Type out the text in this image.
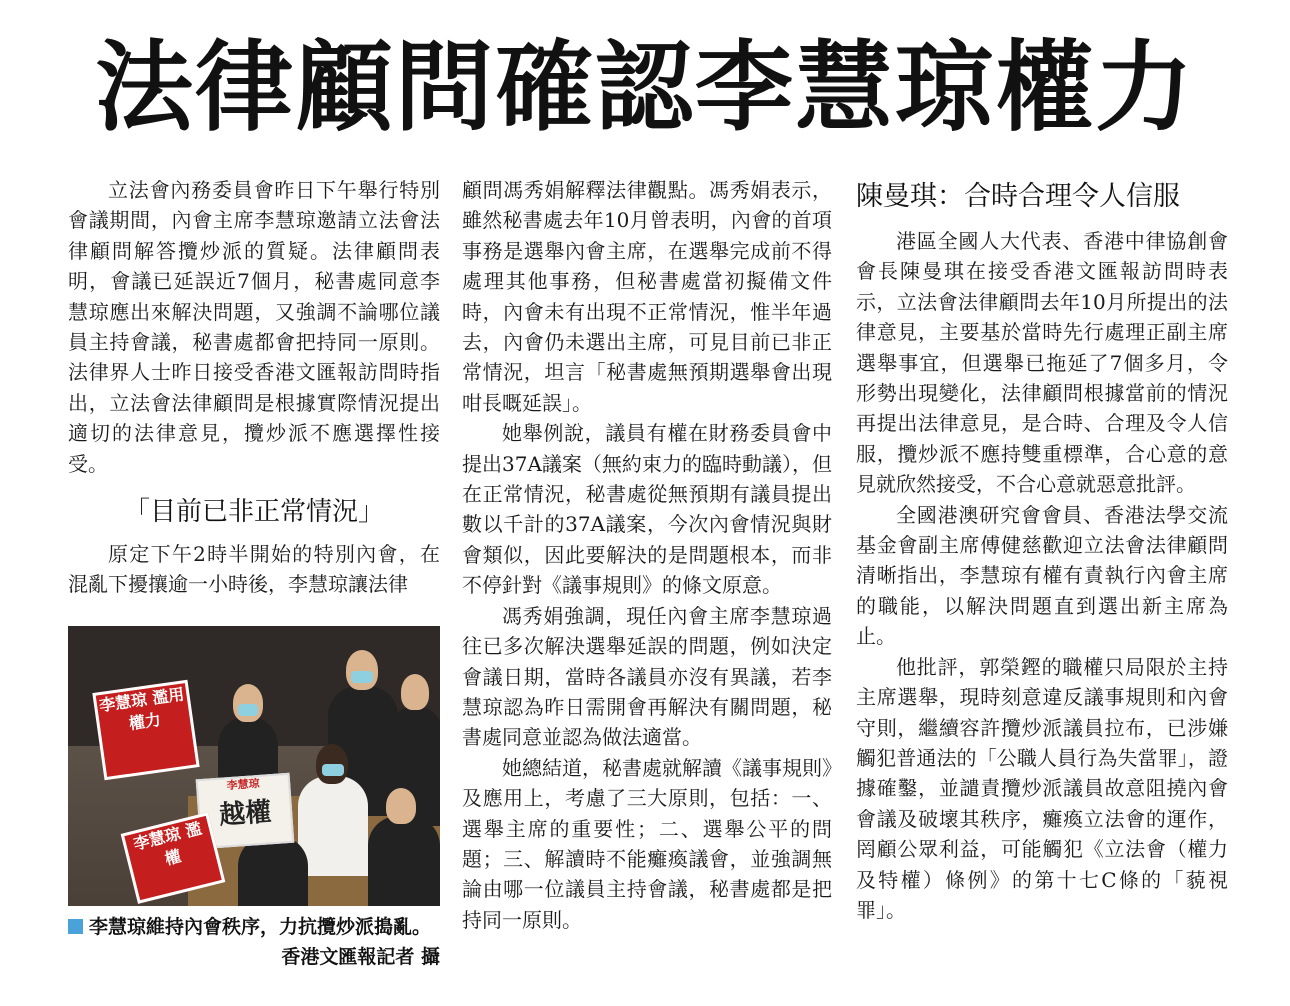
法律顧問確認李慧琼權力

立法會內務委員會昨日下午舉行特別會議期間，內會主席李慧琼邀請立法會法律顧問解答攬炒派的質疑。法律顧問表明，會議已延誤近7個月，秘書處同意李慧琼應出來解決問題，又強調不論哪位議員主持會議，秘書處都會把持同一原則。法律界人士昨日接受香港文匯報訪問時指出，立法會法律顧問是根據實際情況提出適切的法律意見，攬炒派不應選擇性接受。

「目前已非正常情況」

原定下午2時半開始的特別內會，在混亂下擾攘逾一小時後，李慧琼讓法律

李慧琼 濫用 權力
李慧琼
越權
李慧琼 濫權
李慧琼維持內會秩序，力抗攬炒派搗亂。
香港文匯報記者 攝

顧問馮秀娟解釋法律觀點。馮秀娟表示，雖然秘書處去年10月曾表明，內會的首項事務是選舉內會主席，在選舉完成前不得處理其他事務，但秘書處當初擬備文件時，內會未有出現不正常情況，惟半年過去，內會仍未選出主席，可見目前已非正常情況，坦言「秘書處無預期選舉會出現咁長嘅延誤」。

她舉例說，議員有權在財務委員會中提出37A議案（無約束力的臨時動議），但在正常情況，秘書處從無預期有議員提出數以千計的37A議案，今次內會情況與財會類似，因此要解決的是問題根本，而非不停針對《議事規則》的條文原意。

馮秀娟強調，現任內會主席李慧琼過往已多次解決選舉延誤的問題，例如決定會議日期，當時各議員亦沒有異議，若李慧琼認為昨日需開會再解決有關問題，秘書處同意並認為做法適當。

她總結道，秘書處就解讀《議事規則》及應用上，考慮了三大原則，包括：一、選舉主席的重要性；二、選舉公平的問題；三、解讀時不能癱瘓議會，並強調無論由哪一位議員主持會議，秘書處都是把持同一原則。

陳曼琪：合時合理令人信服

港區全國人大代表、香港中律協創會會長陳曼琪在接受香港文匯報訪問時表示，立法會法律顧問去年10月所提出的法律意見，主要基於當時先行處理正副主席選舉事宜，但選舉已拖延了7個多月，令形勢出現變化，法律顧問根據當前的情況再提出法律意見，是合時、合理及令人信服，攬炒派不應持雙重標準，合心意的意見就欣然接受，不合心意就惡意批評。

全國港澳研究會會員、香港法學交流基金會副主席傅健慈歡迎立法會法律顧問清晰指出，李慧琼有權有責執行內會主席的職能，以解決問題直到選出新主席為止。

他批評，郭榮鏗的職權只局限於主持主席選舉，現時刻意違反議事規則和內會守則，繼續容許攬炒派議員拉布，已涉嫌觸犯普通法的「公職人員行為失當罪」，證據確鑿，並譴責攬炒派議員故意阻撓內會會議及破壞其秩序，癱瘓立法會的運作，罔顧公眾利益，可能觸犯《立法會（權力及特權）條例》的第十七C條的「藐視罪」。
